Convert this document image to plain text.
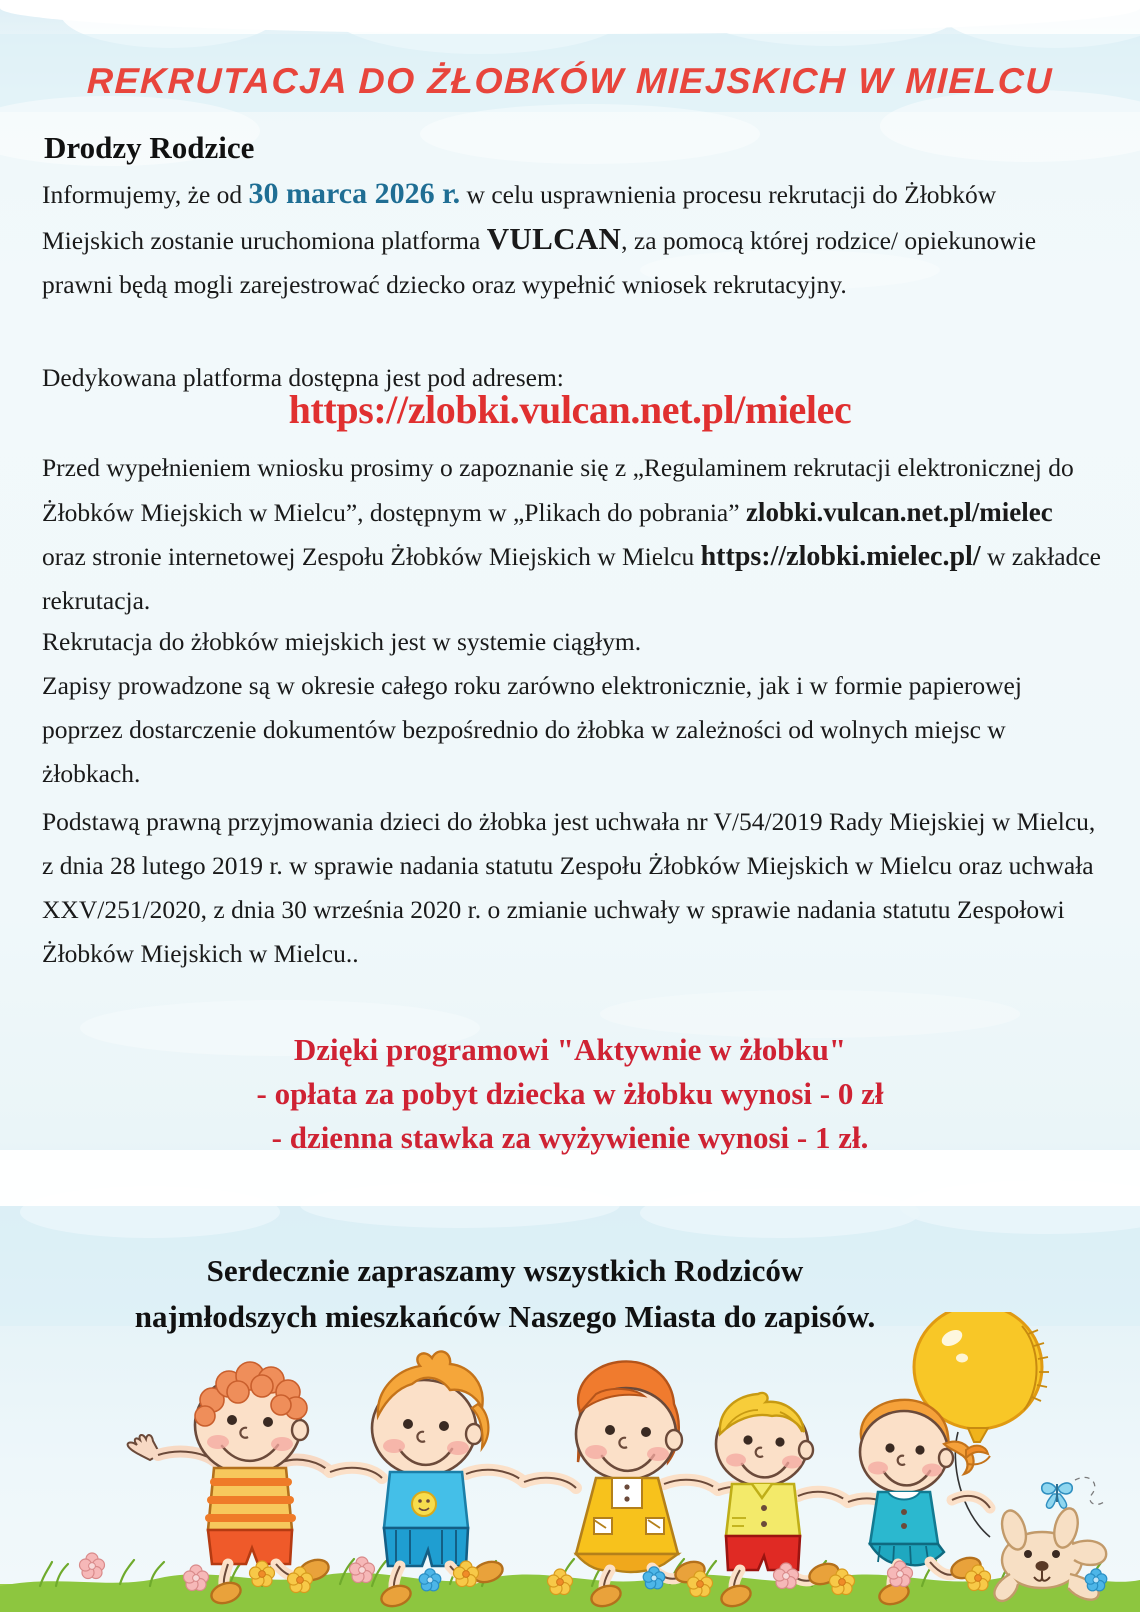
REKRUTACJA DO ŻŁOBKÓW MIEJSKICH W MIELCU
Drodzy Rodzice
Informujemy, że od 30 marca 2026 r. w celu usprawnienia procesu rekrutacji do Żłobków Miejskich zostanie uruchomiona platforma VULCAN, za pomocą której rodzice/ opiekunowie prawni będą mogli zarejestrować dziecko oraz wypełnić wniosek rekrutacyjny.
Dedykowana platforma dostępna jest pod adresem:
https://zlobki.vulcan.net.pl/mielec
Przed wypełnieniem wniosku prosimy o zapoznanie się z „Regulaminem rekrutacji elektronicznej do Żłobków Miejskich w Mielcu”, dostępnym w „Plikach do pobrania” zlobki.vulcan.net.pl/mielec oraz stronie internetowej Zespołu Żłobków Miejskich w Mielcu https://zlobki.mielec.pl/ w zakładce rekrutacja.
Rekrutacja do żłobków miejskich jest w systemie ciągłym.
Zapisy prowadzone są w okresie całego roku zarówno elektronicznie, jak i w formie papierowej poprzez dostarczenie dokumentów bezpośrednio do żłobka w zależności od wolnych miejsc w żłobkach.
Podstawą prawną przyjmowania dzieci do żłobka jest uchwała nr V/54/2019 Rady Miejskiej w Mielcu, z dnia 28 lutego 2019 r. w sprawie nadania statutu Zespołu Żłobków Miejskich w Mielcu oraz uchwała XXV/251/2020, z dnia 30 września 2020 r. o zmianie uchwały w sprawie nadania statutu Zespołowi Żłobków Miejskich w Mielcu..
Dzięki programowi "Aktywnie w żłobku"
- opłata za pobyt dziecka w żłobku wynosi - 0 zł
- dzienna stawka za wyżywienie wynosi - 1 zł.
Serdecznie zapraszamy wszystkich Rodziców
najmłodszych mieszkańców Naszego Miasta do zapisów.
